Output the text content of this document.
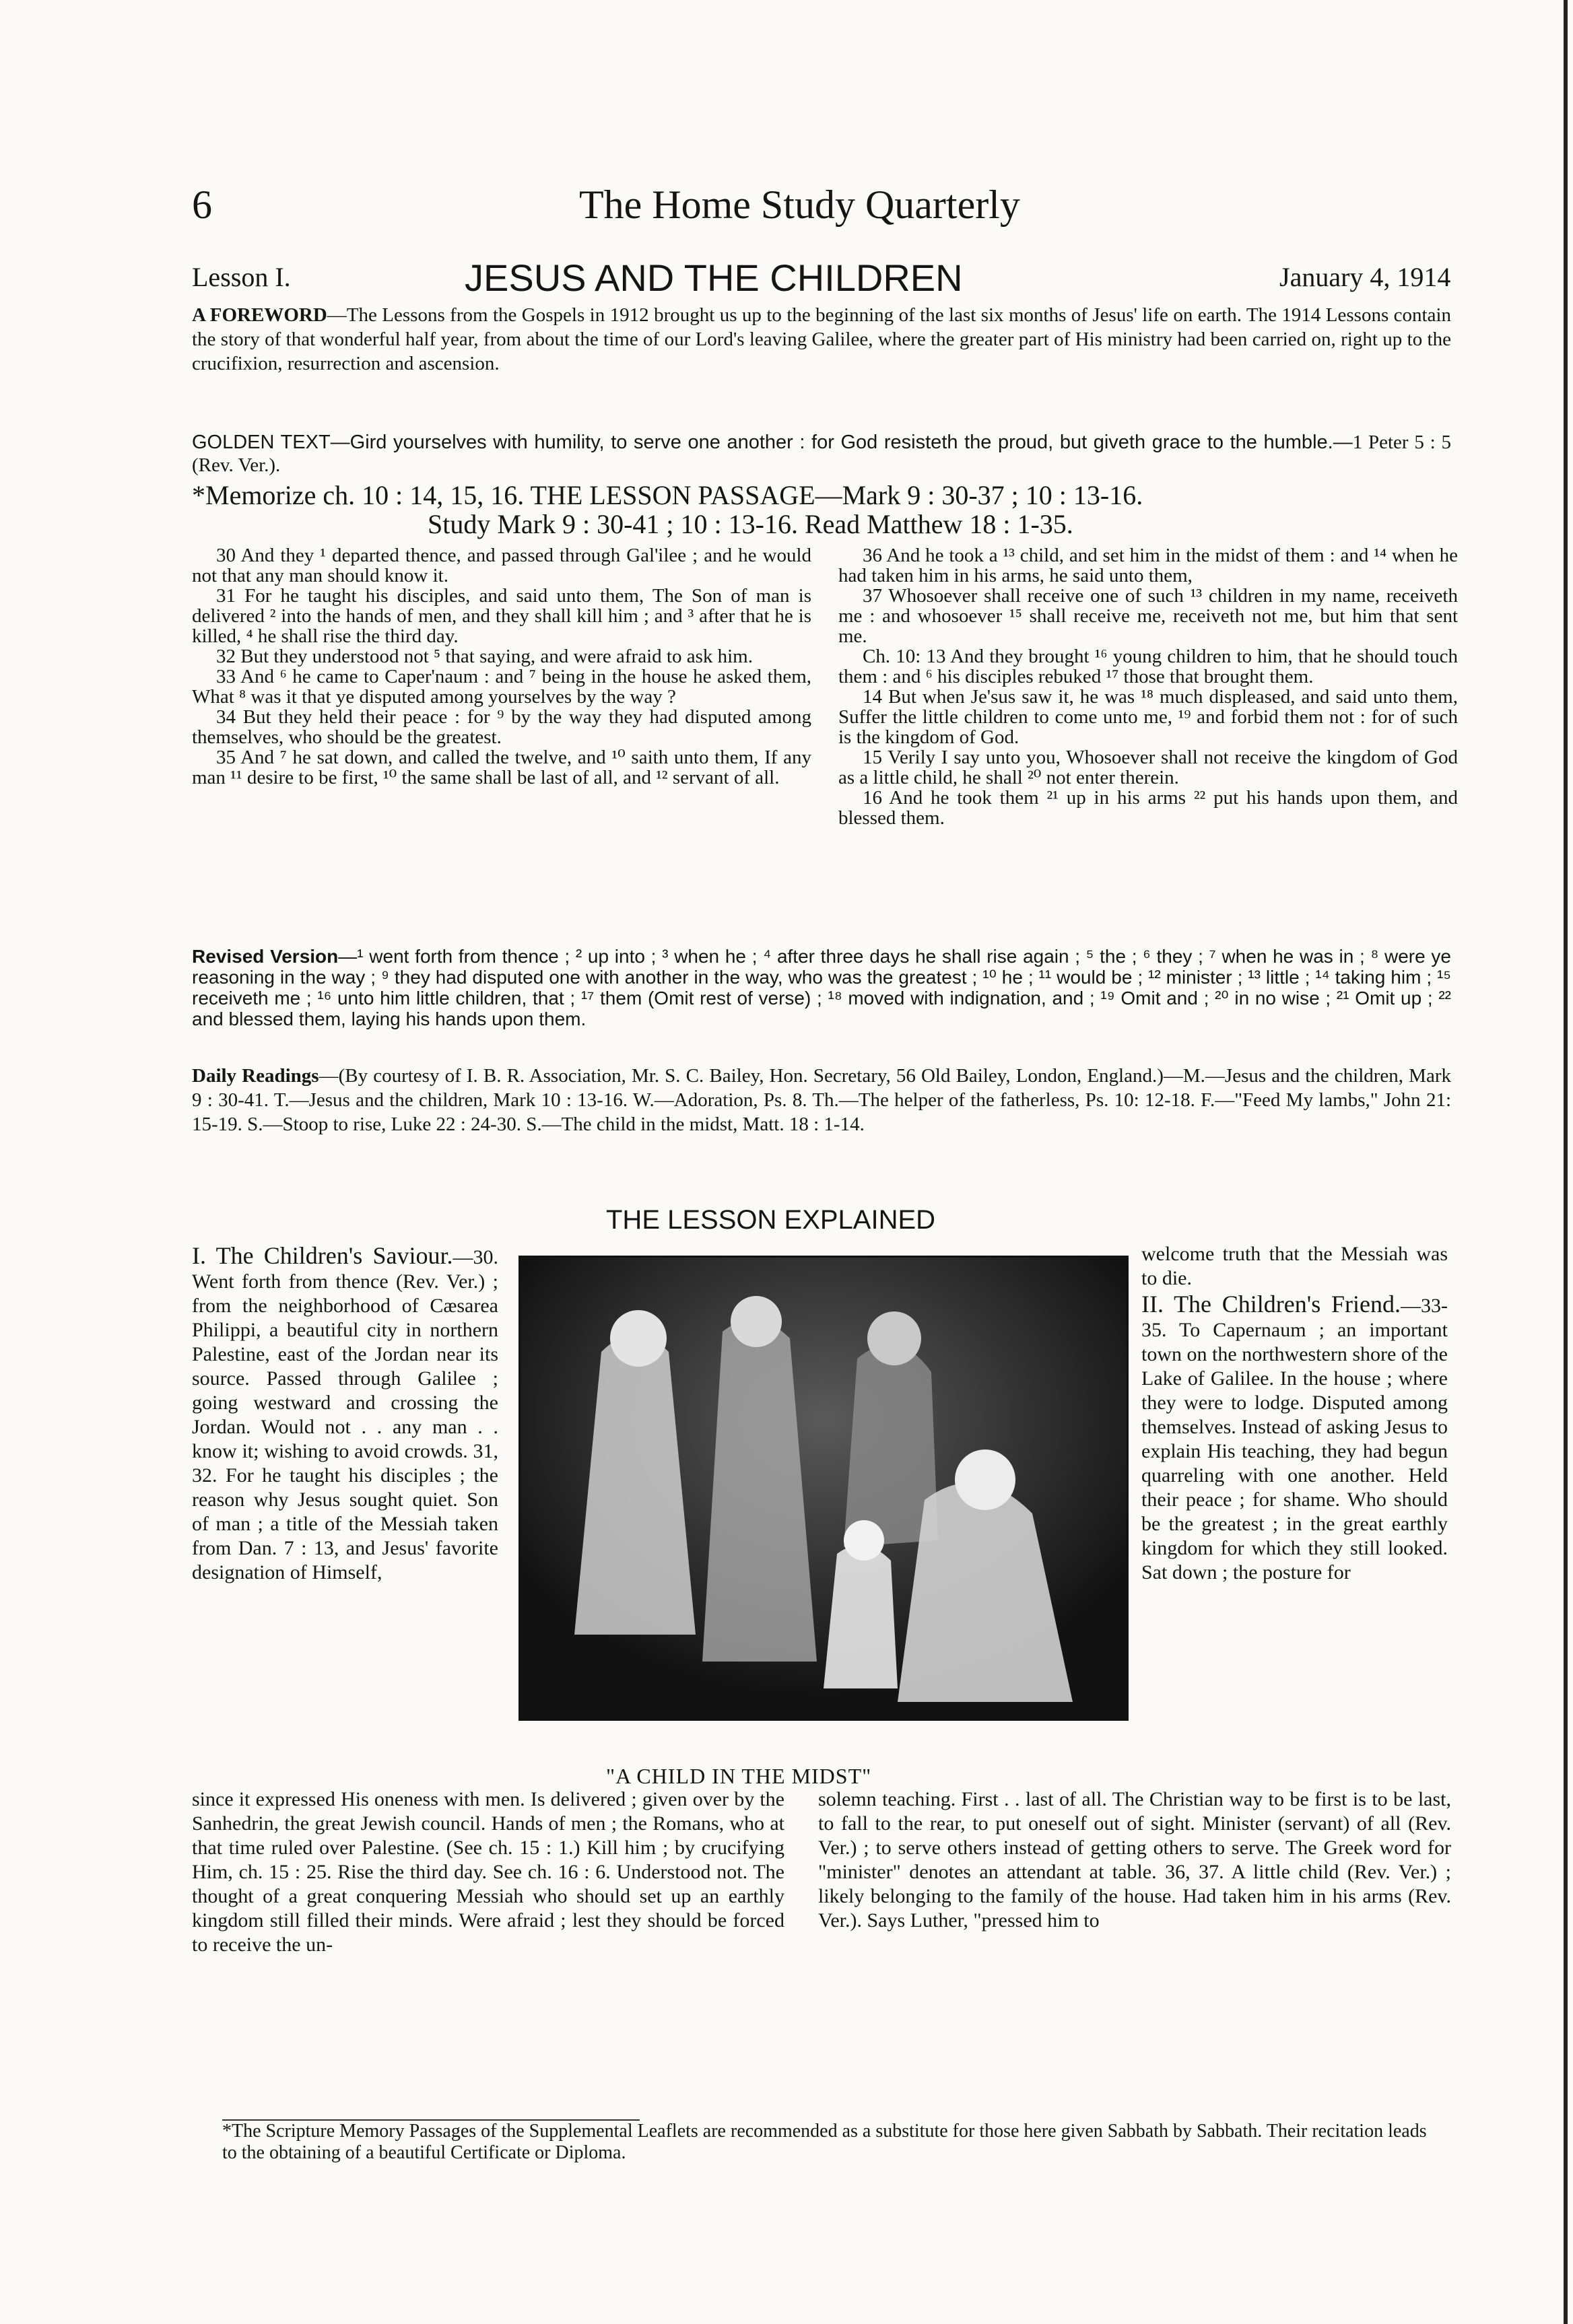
6	The Home Study Quarterly
Lesson I.	JESUS AND THE CHILDREN	January 4, 1914
A FOREWORD—The Lessons from the Gospels in 1912 brought us up to the beginning of the last six months of Jesus' life on earth. The 1914 Lessons contain the story of that wonderful half year, from about the time of our Lord's leaving Galilee, where the greater part of His ministry had been carried on, right up to the crucifixion, resurrection and ascension.
GOLDEN TEXT—Gird yourselves with humility, to serve one another : for God resisteth the proud, but giveth grace to the humble.—1 Peter 5 : 5 (Rev. Ver.).
*Memorize ch. 10 : 14, 15, 16. THE LESSON PASSAGE—Mark 9 : 30-37 ; 10 : 13-16.
Study Mark 9 : 30-41 ; 10 : 13-16. Read Matthew 18 : 1-35.

30 And they ¹ departed thence, and passed through Gal'ilee ; and he would not that any man should know it.

31 For he taught his disciples, and said unto them, The Son of man is delivered ² into the hands of men, and they shall kill him ; and ³ after that he is killed, ⁴ he shall rise the third day.

32 But they understood not ⁵ that saying, and were afraid to ask him.

33 And ⁶ he came to Caper'naum : and ⁷ being in the house he asked them, What ⁸ was it that ye disputed among yourselves by the way ?

34 But they held their peace : for ⁹ by the way they had disputed among themselves, who should be the greatest.

35 And ⁷ he sat down, and called the twelve, and ¹⁰ saith unto them, If any man ¹¹ desire to be first, ¹⁰ the same shall be last of all, and ¹² servant of all.

36 And he took a ¹³ child, and set him in the midst of them : and ¹⁴ when he had taken him in his arms, he said unto them,

37 Whosoever shall receive one of such ¹³ children in my name, receiveth me : and whosoever ¹⁵ shall receive me, receiveth not me, but him that sent me.

Ch. 10: 13 And they brought ¹⁶ young children to him, that he should touch them : and ⁶ his disciples rebuked ¹⁷ those that brought them.

14 But when Je'sus saw it, he was ¹⁸ much displeased, and said unto them, Suffer the little children to come unto me, ¹⁹ and forbid them not : for of such is the kingdom of God.

15 Verily I say unto you, Whosoever shall not receive the kingdom of God as a little child, he shall ²⁰ not enter therein.

16 And he took them ²¹ up in his arms ²² put his hands upon them, and blessed them.

Revised Version—¹ went forth from thence ; ² up into ; ³ when he ; ⁴ after three days he shall rise again ; ⁵ the ; ⁶ they ; ⁷ when he was in ; ⁸ were ye reasoning in the way ; ⁹ they had disputed one with another in the way, who was the greatest ; ¹⁰ he ; ¹¹ would be ; ¹² minister ; ¹³ little ; ¹⁴ taking him ; ¹⁵ receiveth me ; ¹⁶ unto him little children, that ; ¹⁷ them (Omit rest of verse) ; ¹⁸ moved with indignation, and ; ¹⁹ Omit and ; ²⁰ in no wise ; ²¹ Omit up ; ²² and blessed them, laying his hands upon them.
Daily Readings—(By courtesy of I. B. R. Association, Mr. S. C. Bailey, Hon. Secretary, 56 Old Bailey, London, England.)—M.—Jesus and the children, Mark 9 : 30-41. T.—Jesus and the children, Mark 10 : 13-16. W.—Adoration, Ps. 8. Th.—The helper of the fatherless, Ps. 10: 12-18. F.—"Feed My lambs," John 21: 15-19. S.—Stoop to rise, Luke 22 : 24-30. S.—The child in the midst, Matt. 18 : 1-14.
THE LESSON EXPLAINED
I. The Children's Saviour.—30. Went forth from thence (Rev. Ver.) ; from the neighborhood of Cæsarea Philippi, a beautiful city in northern Palestine, east of the Jordan near its source. Passed through Galilee ; going westward and crossing the Jordan. Would not . . any man . . know it; wishing to avoid crowds. 31, 32. For he taught his disciples ; the reason why Jesus sought quiet. Son of man ; a title of the Messiah taken from Dan. 7 : 13, and Jesus' favorite designation of Himself,
welcome truth that the Messiah was to die.
II. The Children's Friend.—33-35. To Capernaum ; an important town on the northwestern shore of the Lake of Galilee. In the house ; where they were to lodge. Disputed among themselves. Instead of asking Jesus to explain His teaching, they had begun quarreling with one another. Held their peace ; for shame. Who should be the greatest ; in the great earthly kingdom for which they still looked. Sat down ; the posture for
"A CHILD IN THE MIDST"
since it expressed His oneness with men. Is delivered ; given over by the Sanhedrin, the great Jewish council. Hands of men ; the Romans, who at that time ruled over Palestine. (See ch. 15 : 1.) Kill him ; by crucifying Him, ch. 15 : 25. Rise the third day. See ch. 16 : 6. Understood not. The thought of a great conquering Messiah who should set up an earthly kingdom still filled their minds. Were afraid ; lest they should be forced to receive the un-
solemn teaching. First . . last of all. The Christian way to be first is to be last, to fall to the rear, to put oneself out of sight. Minister (servant) of all (Rev. Ver.) ; to serve others instead of getting others to serve. The Greek word for "minister" denotes an attendant at table. 36, 37. A little child (Rev. Ver.) ; likely belonging to the family of the house. Had taken him in his arms (Rev. Ver.). Says Luther, "pressed him to
*The Scripture Memory Passages of the Supplemental Leaflets are recommended as a substitute for those here given Sabbath by Sabbath. Their recitation leads to the obtaining of a beautiful Certificate or Diploma.
